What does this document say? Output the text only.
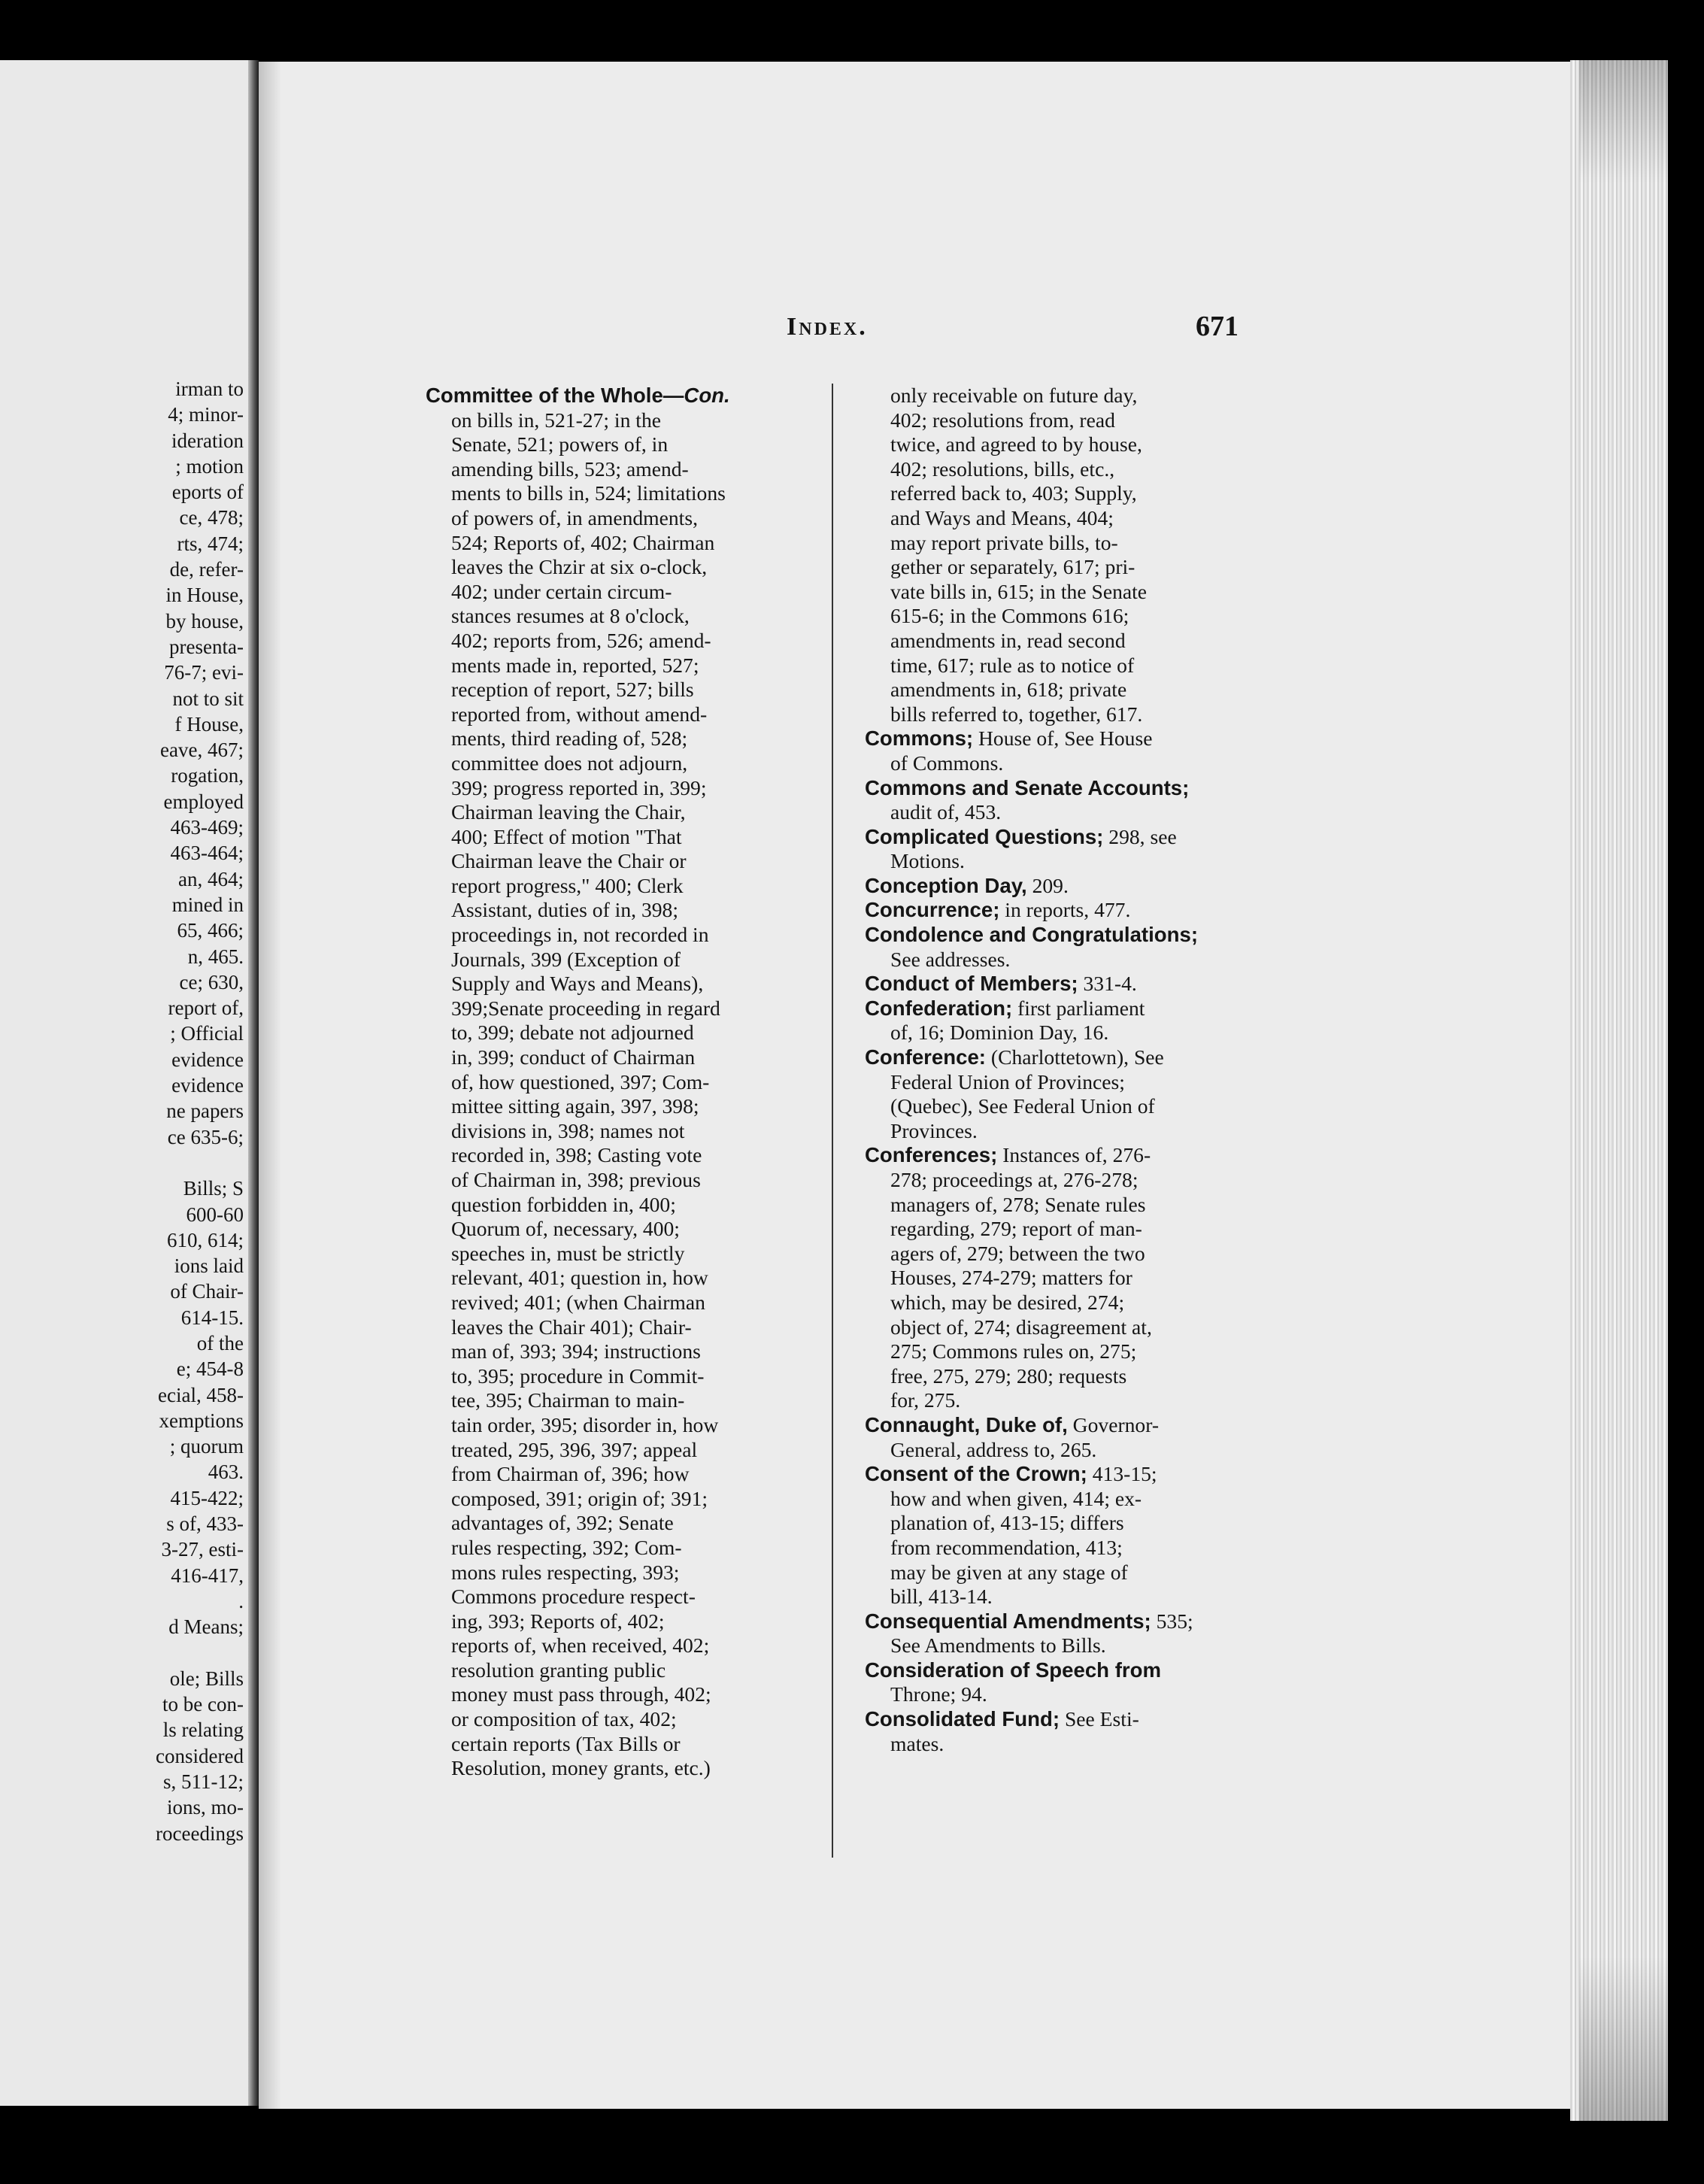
irman to
4; minor-
ideration
; motion
eports of
ce, 478;
rts, 474;
de, refer-
in House,
by house,
presenta-
76-7; evi-
not to sit
f House,
eave, 467;
rogation,
employed
463-469;
463-464;
an, 464;
mined in
65, 466;
n, 465.
ce; 630,
report of,
; Official
evidence
evidence
ne papers
ce 635-6;

Bills; S
600-60
610, 614;
ions laid
of Chair-
614-15.
of the
e; 454-8
ecial, 458-
xemptions
; quorum
463.
415-422;
s of, 433-
3-27, esti-
416-417,
.
d Means;

ole; Bills
to be con-
ls relating
considered
s, 511-12;
ions, mo-
roceedings
Index.	671
Committee of the Whole—Con.
on bills in, 521-27; in the
Senate, 521; powers of, in
amending bills, 523; amend-
ments to bills in, 524; limitations
of powers of, in amendments,
524; Reports of, 402; Chairman
leaves the Chzir at six o-clock,
402; under certain circum-
stances resumes at 8 o'clock,
402; reports from, 526; amend-
ments made in, reported, 527;
reception of report, 527; bills
reported from, without amend-
ments, third reading of, 528;
committee does not adjourn,
399; progress reported in, 399;
Chairman leaving the Chair,
400; Effect of motion "That
Chairman leave the Chair or
report progress," 400; Clerk
Assistant, duties of in, 398;
proceedings in, not recorded in
Journals, 399 (Exception of
Supply and Ways and Means),
399;Senate proceeding in regard
to, 399; debate not adjourned
in, 399; conduct of Chairman
of, how questioned, 397; Com-
mittee sitting again, 397, 398;
divisions in, 398; names not
recorded in, 398; Casting vote
of Chairman in, 398; previous
question forbidden in, 400;
Quorum of, necessary, 400;
speeches in, must be strictly
relevant, 401; question in, how
revived; 401; (when Chairman
leaves the Chair 401); Chair-
man of, 393; 394; instructions
to, 395; procedure in Commit-
tee, 395; Chairman to main-
tain order, 395; disorder in, how
treated, 295, 396, 397; appeal
from Chairman of, 396; how
composed, 391; origin of; 391;
advantages of, 392; Senate
rules respecting, 392; Com-
mons rules respecting, 393;
Commons procedure respect-
ing, 393; Reports of, 402;
reports of, when received, 402;
resolution granting public
money must pass through, 402;
or composition of tax, 402;
certain reports (Tax Bills or
Resolution, money grants, etc.)
only receivable on future day,
402; resolutions from, read
twice, and agreed to by house,
402; resolutions, bills, etc.,
referred back to, 403; Supply,
and Ways and Means, 404;
may report private bills, to-
gether or separately, 617; pri-
vate bills in, 615; in the Senate
615-6; in the Commons 616;
amendments in, read second
time, 617; rule as to notice of
amendments in, 618; private
bills referred to, together, 617.
Commons; House of, See House
of Commons.
Commons and Senate Accounts;
audit of, 453.
Complicated Questions; 298, see
Motions.
Conception Day, 209.
Concurrence; in reports, 477.
Condolence and Congratulations;
See addresses.
Conduct of Members; 331-4.
Confederation; first parliament
of, 16; Dominion Day, 16.
Conference: (Charlottetown), See
Federal Union of Provinces;
(Quebec), See Federal Union of
Provinces.
Conferences; Instances of, 276-
278; proceedings at, 276-278;
managers of, 278; Senate rules
regarding, 279; report of man-
agers of, 279; between the two
Houses, 274-279; matters for
which, may be desired, 274;
object of, 274; disagreement at,
275; Commons rules on, 275;
free, 275, 279; 280; requests
for, 275.
Connaught, Duke of, Governor-
General, address to, 265.
Consent of the Crown; 413-15;
how and when given, 414; ex-
planation of, 413-15; differs
from recommendation, 413;
may be given at any stage of
bill, 413-14.
Consequential Amendments; 535;
See Amendments to Bills.
Consideration of Speech from
Throne; 94.
Consolidated Fund; See Esti-
mates.
